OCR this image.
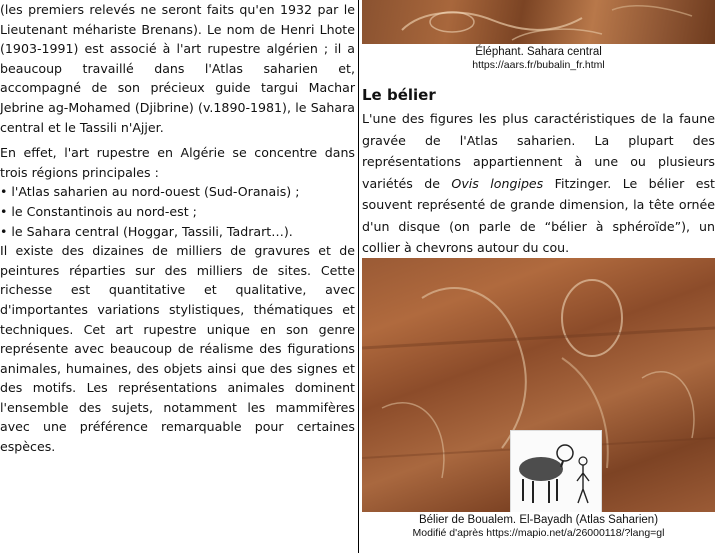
(les premiers relevés ne seront faits qu'en 1932 par le Lieutenant méhariste Brenans). Le nom de Henri Lhote (1903-1991) est associé à l'art rupestre algérien ; il a beaucoup travaillé dans l'Atlas saharien et, accompagné de son précieux guide targui Machar Jebrine ag-Mohamed (Djibrine) (v.1890-1981), le Sahara central et le Tassili n'Ajjer.

En effet, l'art rupestre en Algérie se concentre dans trois régions principales :

• l'Atlas saharien au nord-ouest (Sud-Oranais) ;

• le Constantinois au nord-est ;

• le Sahara central (Hoggar, Tassili, Tadrart…).

Il existe des dizaines de milliers de gravures et de peintures réparties sur des milliers de sites. Cette richesse est quantitative et qualitative, avec d'importantes variations stylistiques, thématiques et techniques. Cet art rupestre unique en son genre représente avec beaucoup de réalisme des figurations animales, humaines, des objets ainsi que des signes et des motifs. Les représentations animales dominent l'ensemble des sujets, notamment les mammifères avec une préférence remarquable pour certaines espèces.

Éléphant. Sahara central
https://aars.fr/bubalin_fr.html
Le bélier

L'une des figures les plus caractéristiques de la faune gravée de l'Atlas saharien. La plupart des représentations appartiennent à une ou plusieurs variétés de Ovis longipes Fitzinger. Le bélier est souvent représenté de grande dimension, la tête ornée d'un disque (on parle de “bélier à sphéroïde”), un collier à chevrons autour du cou.

Bélier de Boualem. El-Bayadh (Atlas Saharien)
Modifié d'après https://mapio.net/a/26000118/?lang=gl
